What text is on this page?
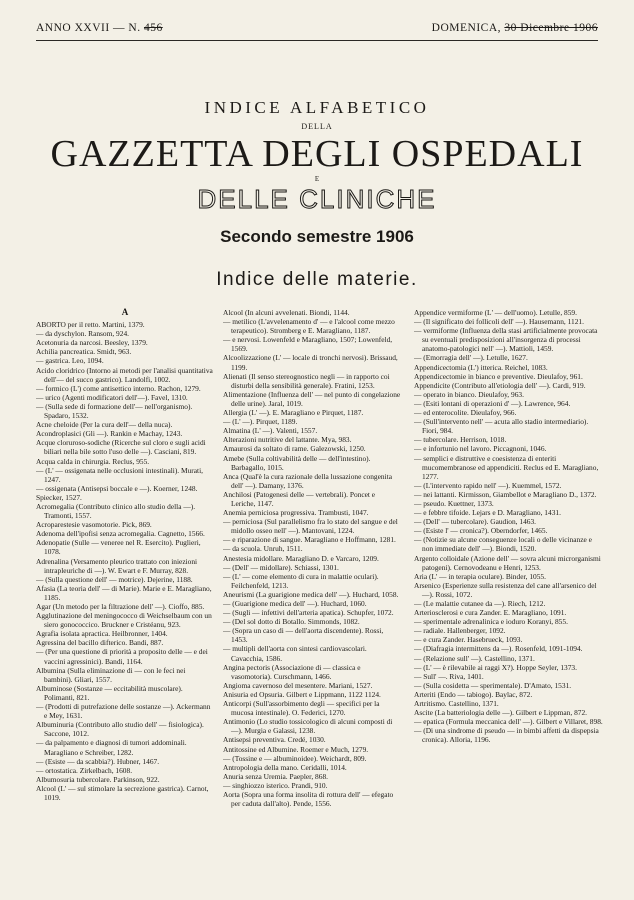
ANNO XXVII — N. 456	DOMENICA, 30 Dicembre 1906
INDICE ALFABETICO
DELLA
GAZZETTA DEGLI OSPEDALI
E
DELLE CLINICHE
Secondo semestre 1906
Indice delle materie.
A

ABORTO per il retto. Martini, 1379.

— da dyschylon. Ransom, 924.

Acetonuria da narcosi. Beesley, 1379.

Achilia pancreatica. Smidt, 963.

— gastrica. Leo, 1094.

Acido cloridrico (Intorno ai metodi per l'analisi quantitativa dell'— del succo gastrico). Landolfi, 1002.

— formico (L') come antisettico interno. Rachon, 1279.

— urico (Agenti modificatori dell'—). Favel, 1310.

— (Sulla sede di formazione dell'— nell'organismo). Spadaro, 1532.

Acne cheloide (Per la cura dell'— della nuca).

Acondroplasici (Gli —). Rankin e Machay, 1243.

Acque cloruroso-sodiche (Ricerche sul cloro e sugli acidi biliari nella bile sotto l'uso delle —). Casciani, 819.

Acqua calda in chirurgia. Reclus, 955.

— (L' — ossigenata nelle occlusioni intestinali). Murati, 1247.

— ossigenata (Antisepsi boccale e —). Koerner, 1248.

Spiecker, 1527.

Acromegalia (Contributo clinico allo studio della —). Tramonti, 1557.

Acroparestesie vasomotorie. Pick, 869.

Adenoma dell'ipofisi senza acromegalia. Cagnetto, 1566.

Adenopatie (Sulle — veneree nel R. Esercito). Puglieri, 1078.

Adrenalina (Versamento pleurico trattato con iniezioni intrapleuriche di —). W. Ewart e F. Murray, 828.

— (Sulla questione dell' — motrice). Dejerine, 1188.

Afasia (La teoria dell' — di Marie). Marie e E. Maragliano, 1185.

Agar (Un metodo per la filtrazione dell' —). Cioffo, 885.

Agglutinazione del meningococco di Weichselbaum con un siero gonococcico. Bruckner e Cristéanu, 923.

Agrafia isolata apractica. Heilbronner, 1404.

Agressina del bacillo difterico. Bandi, 887.

— (Per una questione di priorità a proposito delle — e dei vaccini agressinici). Bandi, 1164.

Albumina (Sulla eliminazione di — con le feci nei bambini). Gliari, 1557.

Albuminose (Sostanze — eccitabilità muscolare). Polimanti, 821.

— (Prodotti di putrefazione delle sostanze —). Ackermann e Mey, 1631.

Albuminuria (Contributo allo studio dell' — fisiologica). Saccone, 1012.

— da palpamento e diagnosi di tumori addominali. Maragliano e Schreiber, 1282.

— (Esiste — da scabbia?). Hubner, 1467.

— ortostatica. Zirkelbach, 1608.

Albumosuria tubercolare. Parkinson, 922.

Alcool (L' — sul stimolare la secrezione gastrica). Carnot, 1019.

Alcool (In alcuni avvelenati. Biondi, 1144.

— metilico (L'avvelenamento d' — e l'alcool come mezzo terapeutico). Stromberg e E. Maragliano, 1187.

— e nervosi. Lowenfeld e Maragliano, 1507; Lowenfeld, 1569.

Alcoolizzazione (L' — locale di tronchi nervosi). Brissaud, 1199.

Alienati (Il senso stereognostico negli — in rapporto coi disturbi della sensibilità generale). Fratini, 1253.

Alimentazione (Influenza dell' — nel punto di congelazione delle urine). Jaral, 1019.

Allergia (L' —). E. Maragliano e Pirquet, 1187.

— (L' —). Pirquet, 1189.

Almatina (L' —). Valenti, 1557.

Alterazioni nutritive del lattante. Mya, 983.

Amaurosi da soltato di rame. Galezowski, 1250.

Amebe (Sulla coltivabilità delle — dell'intestino). Barbagallo, 1015.

Anca (Qual'è la cura razionale della lussazione congenita dell' —). Damany, 1376.

Anchilosi (Patogenesi delle — vertebrali). Poncet e Leriche, 1147.

Anemia perniciosa progressiva. Trambusti, 1047.

— perniciosa (Sul parallelismo fra lo stato del sangue e del midollo osseo nell' —). Mantovani, 1224.

— e riparazione di sangue. Maragliano e Hoffmann, 1281.

— da scuola. Unruh, 1511.

Anestesia midollare. Maragliano D. e Varcaro, 1209.

— (Dell' — midollare). Schiassi, 1301.

— (L' — come elemento di cura in malattie oculari). Feilchenfeld, 1213.

Aneurismi (La guarigione medica dell' —). Huchard, 1058.

— (Guarigione medica dell' —). Huchard, 1060.

— (Sugli — infettivi dell'arteria apatica). Schupfer, 1072.

— (Del sol dotto di Botallo. Simmonds, 1082.

— (Sopra un caso di — dell'aorta discendente). Rossi, 1453.

— multipli dell'aorta con sintesi cardiovascolari. Cavacchia, 1586.

Angina pectoris (Associazione di — classica e vasomotoria). Curschmann, 1466.

Angioma cavernoso del mesentere. Mariani, 1527.

Anisuria ed Opsuria. Gilbert e Lippmann, 1122 1124.

Anticorpi (Sull'assorbimento degli — specifici per la mucosa intestinale). O. Federici, 1270.

Antimonio (Lo studio tossicologico di alcuni composti di —). Murgia e Galassi, 1238.

Antisepsi preventiva. Credé, 1030.

Antitossine ed Albumine. Roemer e Much, 1279.

— (Tossine e — albuminoidee). Weichardt, 809.

Antropologia della mano. Ceridalli, 1014.

Anuria senza Uremia. Paepler, 868.

— singhiozzo isterico. Prandi, 910.

Aorta (Sopra una forma insolita di rottura dell' — efegato per caduta dall'alto). Pende, 1556.

Appendice vermiforme (L' — dell'uomo). Letulle, 859.

— (Il significato dei follicoli dell' —). Hausemann, 1121.

— vermiforme (Influenza della stasi artificialmente provocata su eventuali predisposizioni all'insorgenza di processi anatomo-patologici nell' —). Mattioli, 1459.

— (Emorragia dell' —). Letulle, 1627.

Appendicectomia (L') itterica. Reichel, 1083.

Appendicectomie in bianco e preventive. Dieulafoy, 961.

Appendicite (Contributo all'etiologia dell' —). Cardi, 919.

— operato in bianco. Dieulafoy, 963.

— (Esiti lontani di operazioni d' —). Lawrence, 964.

— ed enterocolite. Dieulafoy, 966.

— (Sull'intervento nell' — acuta allo stadio intermediario). Fiori, 984.

— tubercolare. Herrison, 1018.

— e infortunio nel lavoro. Piccagnoni, 1046.

— semplici e distruttive e coesistenza di enteriti mucomembranose ed appendiciti. Reclus ed E. Maragliano, 1277.

— (L'intervento rapido nell' —). Kuemmel, 1572.

— nei lattanti. Kirmisson, Giambellot e Maragliano D., 1372.

— pseudo. Kuettner, 1373.

— e febbre tifoide. Lejars e D. Maragliano, 1431.

— (Dell' — tubercolare). Gaudion, 1463.

— (Esiste l' — cronica?). Oberndorfer, 1465.

— (Notizie su alcune conseguenze locali o delle vicinanze e non immediate dell' —). Biondi, 1520.

Argento colloidale (Azione dell' — sovra alcuni microrganismi patogeni). Cernovodeanu e Henri, 1253.

Aria (L' — in terapia oculare). Binder, 1055.

Arsenico (Esperienze sulla resistenza del cane all'arsenico del —). Rossi, 1072.

— (Le malattie cutanee da —). Riech, 1212.

Arteriosclerosi e cura Zander. E. Maragliano, 1091.

— sperimentale adrenalinica e ioduro Koranyi, 855.

— radiale. Hallenberger, 1092.

— e cura Zander. Hasebrueck, 1093.

— (Diafragia intermittens da —). Rosenfeld, 1091-1094.

— (Relazione sull' —). Castellino, 1371.

— (L' — è rilevabile ai raggi X?). Hoppe Seyler, 1373.

— Sull' —. Riva, 1401.

— (Sulla cosidetta — sperimentale). D'Amato, 1531.

Arteriti (Endo — tabiogo). Baylac, 872.

Artritismo. Castellino, 1371.

Ascite (La batteriologia delle —). Gilbert e Lippman, 872.

— epatica (Formula meccanica dell' —). Gilbert e Villaret, 898.

— (Di una sindrome di pseudo — in bimbi affetti da dispepsia cronica). Alloria, 1196.
